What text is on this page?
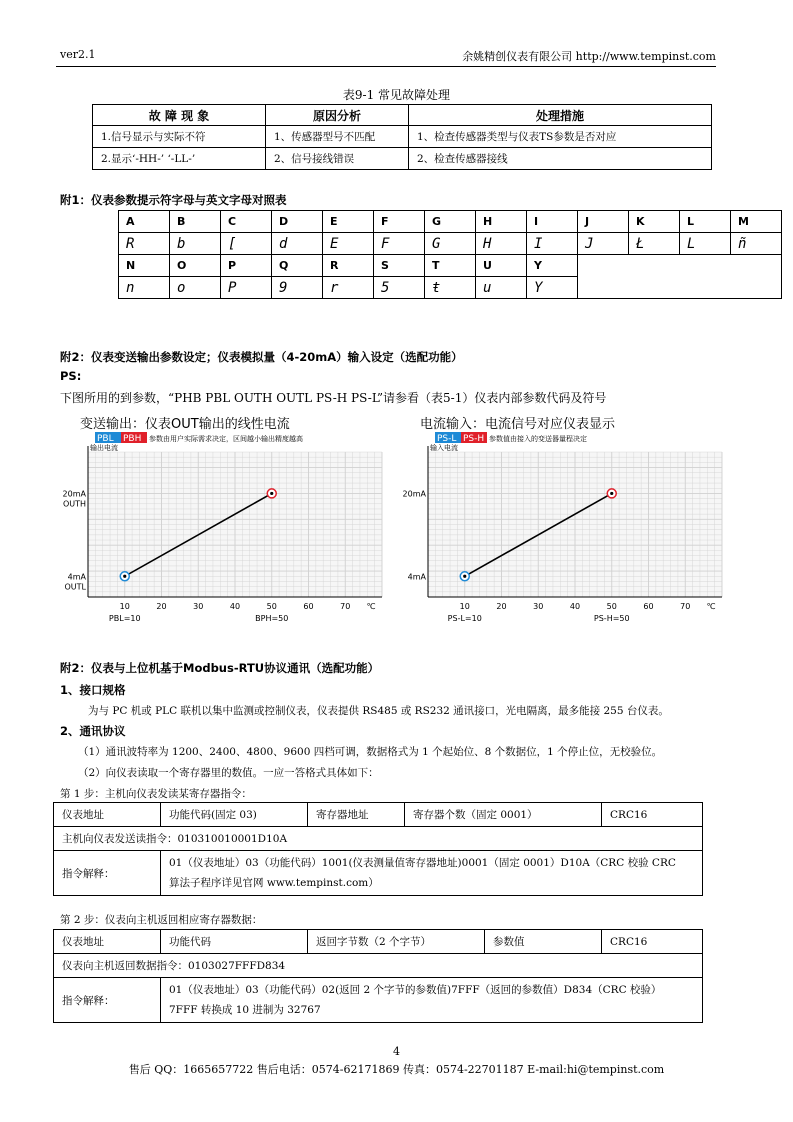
ver2.1	余姚精创仪表有限公司 http://www.tempinst.com
表9-1 常见故障处理
故 障 现 象	原因分析	处理措施
1.信号显示与实际不符	1、传感器型号不匹配	1、检查传感器类型与仪表TS参数是否对应
2.显示‘-HH-’ ‘-LL-’	2、信号接线错误	2、检查传感器接线
附1：仪表参数提示符字母与英文字母对照表
A	B	C	D	E	F	G	H	I	J	K	L	M
R	b	[	d	E	F	G	H	I	J	Ł	L	ñ
N	O	P	Q	R	S	T	U	Y				
n	o	P	9	r	5	ŧ	u	Y				
附2：仪表变送输出参数设定；仪表模拟量（4-20mA）输入设定（选配功能）
PS:
下图所用的到参数，“PHB PBL OUTH OUTL PS-H PS-L”请参看（表5-1）仪表内部参数代码及符号
变送输出：仪表OUT输出的线性电流
PBL PBH 参数由用户实际需求决定，区间越小输出精度越高
输出电流
10	20	30	40	50	60	70 ℃
PBL=10	BPH=50
20mA
OUTH
4mA
OUTL
电流输入：电流信号对应仪表显示
PS-L PS-H 参数值由接入的变送器量程决定
输入电流
10	20	30	40	50	60	70 ℃
PS-L=10	PS-H=50
20mA
4mA
附2：仪表与上位机基于Modbus-RTU协议通讯（选配功能）
1、接口规格
为与 PC 机或 PLC 联机以集中监测或控制仪表，仪表提供 RS485 或 RS232 通讯接口，光电隔离，最多能接 255 台仪表。
2、通讯协议
（1）通讯波特率为 1200、2400、4800、9600 四档可调，数据格式为 1 个起始位、8 个数据位，1 个停止位，无校验位。
（2）向仪表读取一个寄存器里的数值。一应一答格式具体如下：
第 1 步：主机向仪表发读某寄存器指令：
仪表地址	功能代码(固定 03)	寄存器地址	寄存器个数（固定 0001）	CRC16
主机向仪表发送读指令：010310010001D10A				
指令解释：	01（仪表地址）03（功能代码）1001(仪表测量值寄存器地址)0001（固定 0001）D10A（CRC 校验 CRC
算法子程序详见官网 www.tempinst.com）			
第 2 步：仪表向主机返回相应寄存器数据：
仪表地址	功能代码	返回字节数（2 个字节）	参数值	CRC16
仪表向主机返回数据指令：0103027FFFD834				
指令解释：	01（仪表地址）03（功能代码）02(返回 2 个字节的参数值)7FFF（返回的参数值）D834（CRC 校验）
7FFF 转换成 10 进制为 32767			
4
售后 QQ：1665657722 售后电话：0574-62171869 传真：0574-22701187 E-mail:hi@tempinst.com
